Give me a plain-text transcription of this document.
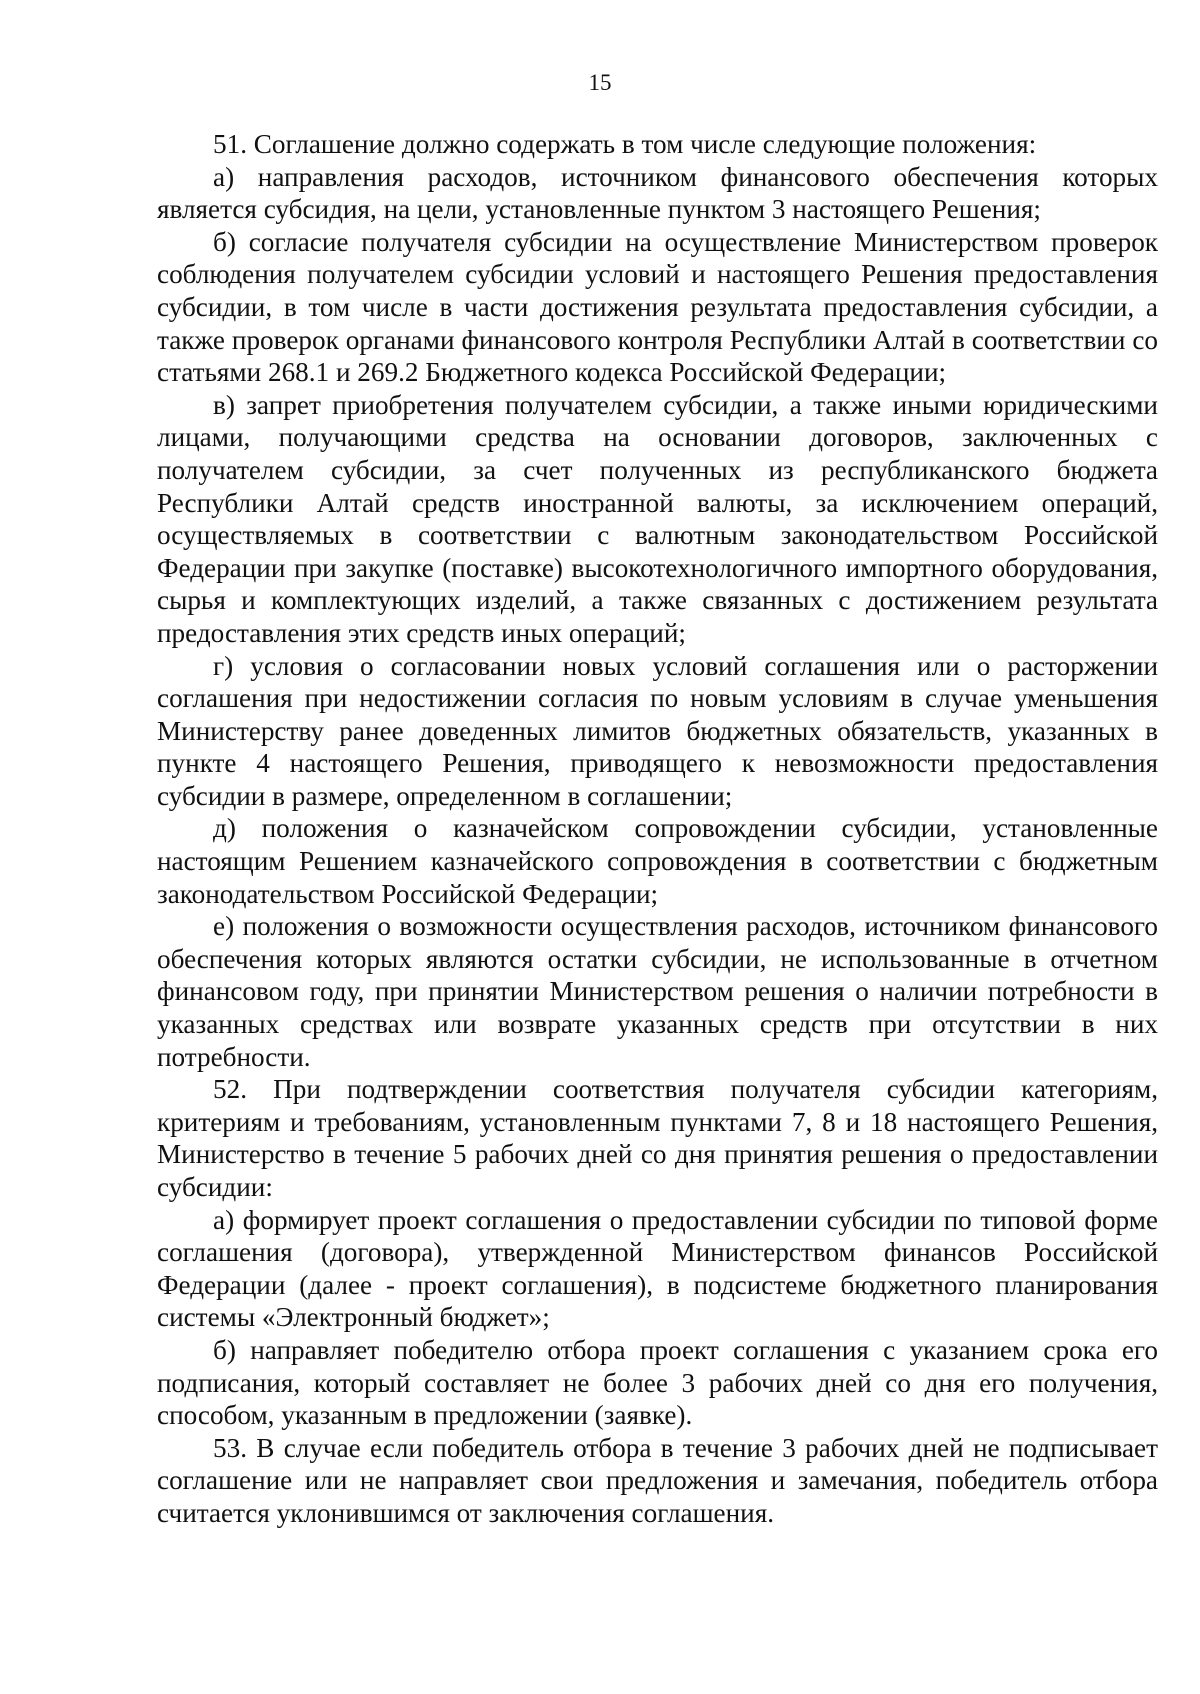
15

51. Соглашение должно содержать в том числе следующие положения:

а) направления расходов, источником финансового обеспечения которых является субсидия, на цели, установленные пунктом 3 настоящего Решения;

б) согласие получателя субсидии на осуществление Министерством проверок соблюдения получателем субсидии условий и настоящего Решения предоставления субсидии, в том числе в части достижения результата предоставления субсидии, а также проверок органами финансового контроля Республики Алтай в соответствии со статьями 268.1 и 269.2 Бюджетного кодекса Российской Федерации;

в) запрет приобретения получателем субсидии, а также иными юридическими лицами, получающими средства на основании договоров, заключенных с получателем субсидии, за счет полученных из республиканского бюджета Республики Алтай средств иностранной валюты, за исключением операций, осуществляемых в соответствии с валютным законодательством Российской Федерации при закупке (поставке) высокотехнологичного импортного оборудования, сырья и комплектующих изделий, а также связанных с достижением результата предоставления этих средств иных операций;

г) условия о согласовании новых условий соглашения или о расторжении соглашения при недостижении согласия по новым условиям в случае уменьшения Министерству ранее доведенных лимитов бюджетных обязательств, указанных в пункте 4 настоящего Решения, приводящего к невозможности предоставления субсидии в размере, определенном в соглашении;

д) положения о казначейском сопровождении субсидии, установленные настоящим Решением казначейского сопровождения в соответствии с бюджетным законодательством Российской Федерации;

е) положения о возможности осуществления расходов, источником финансового обеспечения которых являются остатки субсидии, не использованные в отчетном финансовом году, при принятии Министерством решения о наличии потребности в указанных средствах или возврате указанных средств при отсутствии в них потребности.

52. При подтверждении соответствия получателя субсидии категориям, критериям и требованиям, установленным пунктами 7, 8 и 18 настоящего Решения, Министерство в течение 5 рабочих дней со дня принятия решения о предоставлении субсидии:

а) формирует проект соглашения о предоставлении субсидии по типовой форме соглашения (договора), утвержденной Министерством финансов Российской Федерации (далее - проект соглашения), в подсистеме бюджетного планирования системы «Электронный бюджет»;

б) направляет победителю отбора проект соглашения с указанием срока его подписания, который составляет не более 3 рабочих дней со дня его получения, способом, указанным в предложении (заявке).

53. В случае если победитель отбора в течение 3 рабочих дней не подписывает соглашение или не направляет свои предложения и замечания, победитель отбора считается уклонившимся от заключения соглашения.
